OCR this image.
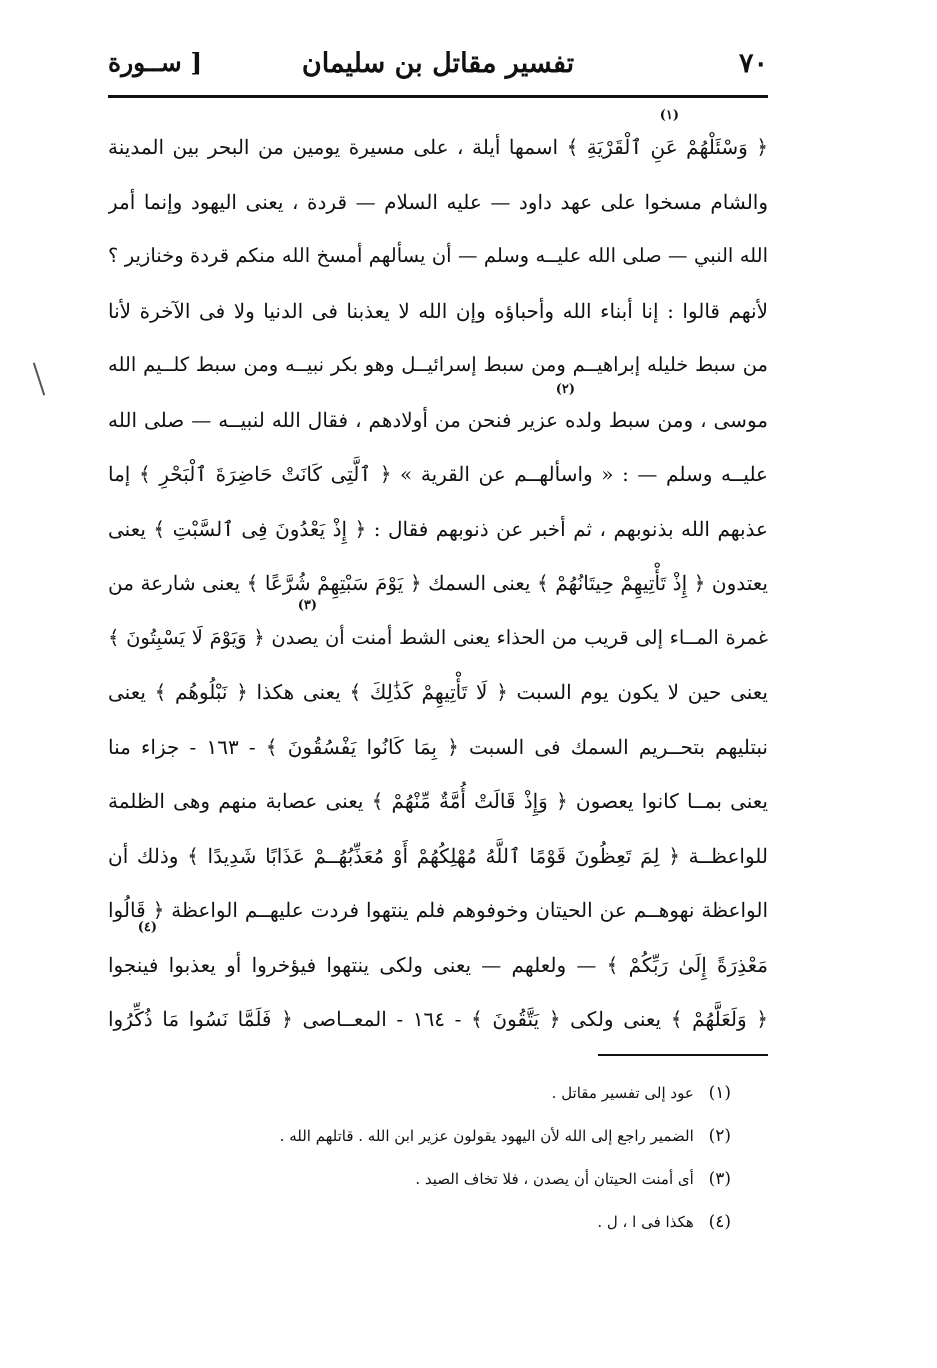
٧٠
تفسير مقاتل بن سليمان
[ ســورة
(١)
(٢)
(٣)
(٤)
﴿ وَسْئَلْهُمْ عَنِ ٱلْقَرْيَةِ ﴾ اسمها أيلة ، على مسيرة يومين من البحر بين المدينة
والشام مسخوا على عهد داود — عليه السلام — قردة ، يعنى اليهود وإنما أمر
الله النبي — صلى الله عليــه وسلم — أن يسألهم أمسخ الله منكم قردة وخنازير ؟
لأنهم قالوا : إنا أبناء الله وأحباؤه وإن الله لا يعذبنا فى الدنيا ولا فى الآخرة لأنا
من سبط خليله إبراهيــم ومن سبط إسرائيــل وهو بكر نبيــه ومن سبط كلــيم الله
موسى ، ومن سبط ولده عزير فنحن من أولادهم ، فقال الله لنبيــه — صلى الله
عليــه وسلم — : « واسألهــم عن القرية » ﴿ ٱلَّتِى كَانَتْ حَاضِرَةَ ٱلْبَحْرِ ﴾ إما
عذبهم الله بذنوبهم ، ثم أخبر عن ذنوبهم فقال : ﴿ إِذْ يَعْدُونَ فِى ٱلسَّبْتِ ﴾ يعنى
يعتدون ﴿ إِذْ تَأْتِيهِمْ حِيتَانُهُمْ ﴾ يعنى السمك ﴿ يَوْمَ سَبْتِهِمْ شُرَّعًا ﴾ يعنى شارعة من
غمرة المــاء إلى قريب من الحذاء يعنى الشط أمنت أن يصدن ﴿ وَيَوْمَ لَا يَسْبِتُونَ ﴾
يعنى حين لا يكون يوم السبت ﴿ لَا تَأْتِيهِمْ كَذَٰلِكَ ﴾ يعنى هكذا ﴿ نَبْلُوهُم ﴾ يعنى
نبتليهم بتحــريم السمك فى السبت ﴿ بِمَا كَانُوا يَفْسُقُونَ ﴾ - ١٦٣ - جزاء منا
يعنى بمــا كانوا يعصون ﴿ وَإِذْ قَالَتْ أُمَّةٌ مِّنْهُمْ ﴾ يعنى عصابة منهم وهى الظلمة
للواعظــة ﴿ لِمَ تَعِظُونَ قَوْمًا ٱللَّهُ مُهْلِكُهُمْ أَوْ مُعَذِّبُهُــمْ عَذَابًا شَدِيدًا ﴾ وذلك أن
الواعظة نهوهــم عن الحيتان وخوفوهم فلم ينتهوا فردت عليهــم الواعظة ﴿ قَالُوا
مَعْذِرَةً إِلَىٰ رَبِّكُمْ ﴾ — ولعلهم — يعنى ولكى ينتهوا فيؤخروا أو يعذبوا فينجوا
﴿ وَلَعَلَّهُمْ ﴾ يعنى ولكى ﴿ يَتَّقُونَ ﴾ - ١٦٤ - المعــاصى ﴿ فَلَمَّا نَسُوا مَا ذُكِّرُوا
(١) عود إلى تفسير مقاتل .
(٢) الضمير راجع إلى الله لأن اليهود يقولون عزير ابن الله . قاتلهم الله .
(٣) أى أمنت الحيتان أن يصدن ، فلا تخاف الصيد .
(٤) هكذا فى ا ، ل .
